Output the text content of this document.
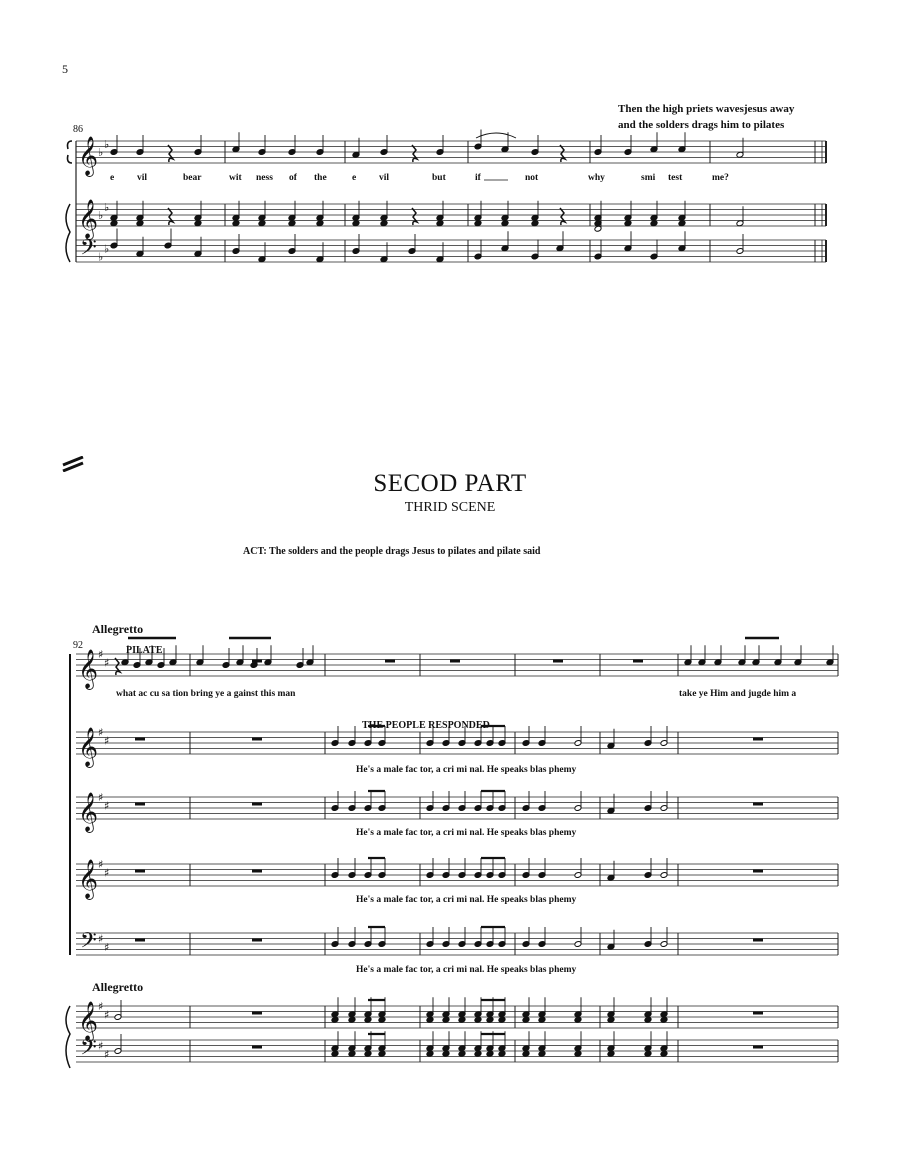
5
86
Then the high priets wavesjesus away
and the solders drags him to pilates
𝄞
𝄞
𝄢
♭
♭
♭
♭
♭
♭
𝄞
𝄞
𝄞
𝄞
𝄞
𝄢
𝄢
♯
♯
♯
♯
♯
♯
♯
♯
♯
♯
♯
♯
♯
♯
e vil	bear	wit ness of the	e vil	but	if	not	why	smi test	me?
SECOD PART
THRID SCENE
ACT: The solders and the people drags Jesus to pilates and pilate said
Allegretto
92	PILATE
what ac cu sa tion bring ye a gainst this man	take ye Him and jugde him a
THE PEOPLE RESPONDED
He's a male fac tor, a cri mi nal. He speaks blas phemy
He's a male fac tor, a cri mi nal. He speaks blas phemy
He's a male fac tor, a cri mi nal. He speaks blas phemy
He's a male fac tor, a cri mi nal. He speaks blas phemy
Allegretto
